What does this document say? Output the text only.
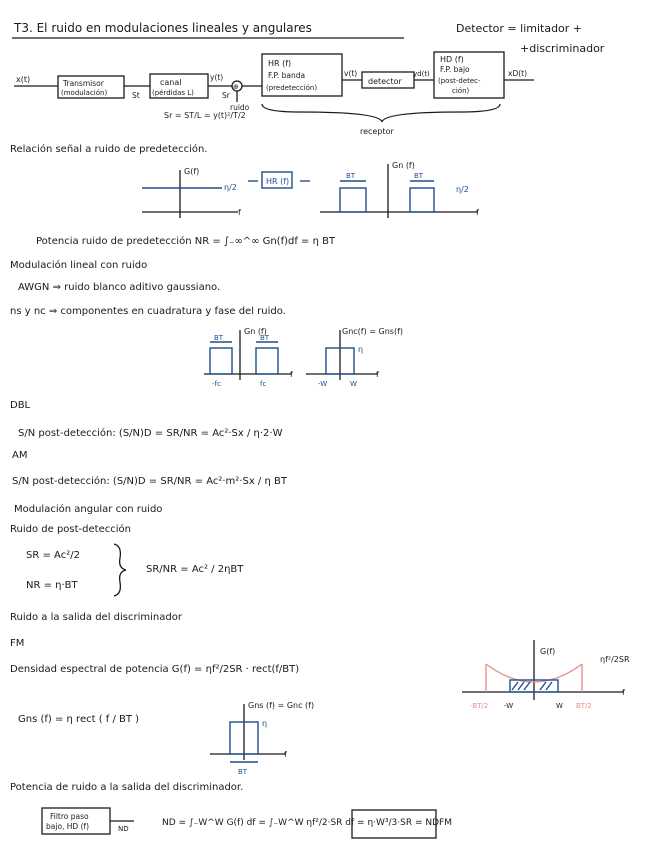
T3. El ruido en modulaciones lineales y angulares	Detector = limitador +
+discriminador
x(t)	Transmisor
(modulación)	St
canal
(pérdidas L)
y(t)
⊕
Sr
ruido
HR (f)
F.P. banda
(predetección)
v(t)
detector
yd(t)
HD (f)
F.P. bajo
(post-detec-
ción)
xD(t)
receptor
Sr = ST/L = y(t)²/T/2
Relación señal a ruido de predetección.
G(f)
η/2
f
HR (f)
Gn (f)
BT	BT
η/2
f
Potencia ruido de predetección NR = ∫₋∞^∞ Gn(f)df = η BT
Modulación lineal con ruido
AWGN ⇒ ruido blanco aditivo gaussiano.
ns y nc ⇒ componentes en cuadratura y fase del ruido.
BT	BT
Gn (f)
-fc	fc
f
Gnc(f) = Gns(f)
η
-W	W
f
DBL
S/N post-detección: (S/N)D = SR/NR = Ac²·Sx / η·2·W
AM
S/N post-detección: (S/N)D = SR/NR = Ac²·m²·Sx / η BT
Modulación angular con ruido
Ruido de post-detección
SR = Ac²/2
NR = η·BT
SR/NR = Ac² / 2ηBT
Ruido a la salida del discriminador
FM
Densidad espectral de potencia G(f) = ηf²/2SR · rect(f/BT)
G(f)
ηf²/2SR
f
-BT/2 -W	W BT/2
Gns (f) = η rect ( f / BT )
Gns (f) = Gnc (f)
η
BT
f
Potencia de ruido a la salida del discriminador.
Filtro paso
bajo, HD (f)	ND
ND = ∫₋W^W G(f) df = ∫₋W^W ηf²/2·SR df = η·W³/3·SR = NDFM
